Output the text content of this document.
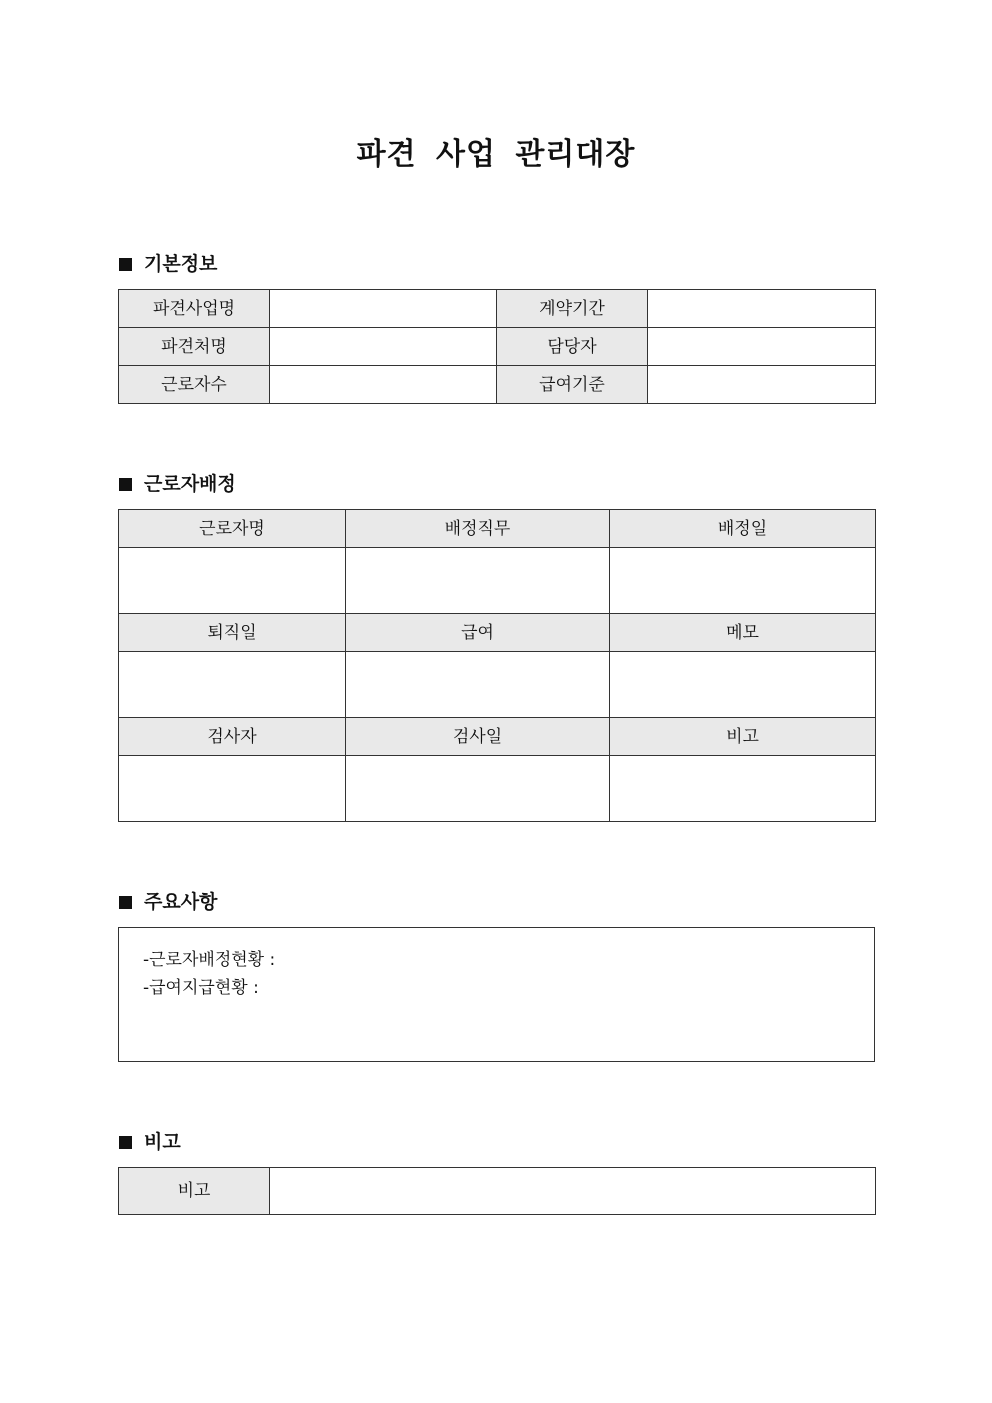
파견 사업 관리대장
기본정보
파견사업명		계약기간	
파견처명		담당자	
근로자수		급여기준	
근로자배정
근로자명	배정직무	배정일

퇴직일	급여	메모

검사자	검사일	비고

주요사항
-근로자배정현황 :
-급여지급현황 :
비고
비고	
